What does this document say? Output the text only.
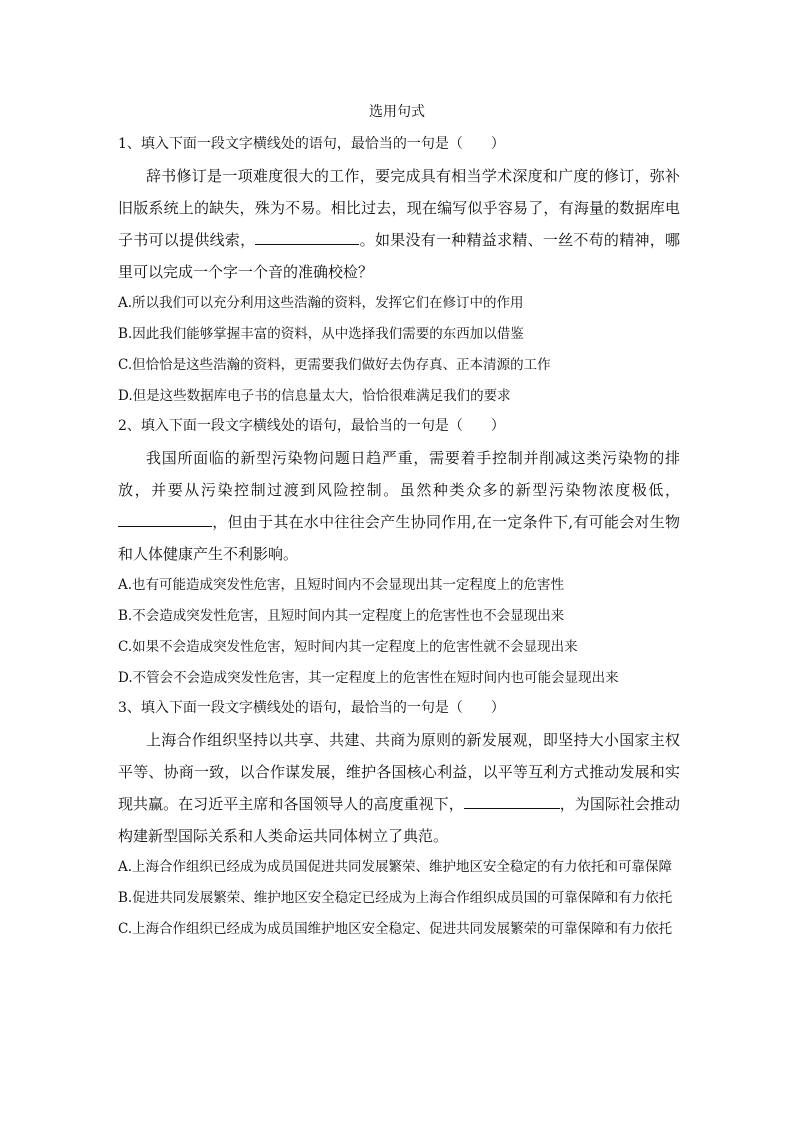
选用句式

1、填入下面一段文字横线处的语句，最恰当的一句是（　　）

辞书修订是一项难度很大的工作，要完成具有相当学术深度和广度的修订，弥补旧版系统上的缺失，殊为不易。相比过去，现在编写似乎容易了，有海量的数据库电子书可以提供线索，	。如果没有一种精益求精、一丝不苟的精神，哪里可以完成一个字一个音的准确校检？

A.所以我们可以充分利用这些浩瀚的资料，发挥它们在修订中的作用

B.因此我们能够掌握丰富的资料，从中选择我们需要的东西加以借鉴

C.但恰恰是这些浩瀚的资料，更需要我们做好去伪存真、正本清源的工作

D.但是这些数据库电子书的信息量太大，恰恰很难满足我们的要求

2、填入下面一段文字横线处的语句，最恰当的一句是（　　）

我国所面临的新型污染物问题日趋严重，需要着手控制并削减这类污染物的排放，并要从污染控制过渡到风险控制。虽然种类众多的新型污染物浓度极低，，但由于其在水中往往会产生协同作用,在一定条件下,有可能会对生物和人体健康产生不利影响。

A.也有可能造成突发性危害，且短时间内不会显现出其一定程度上的危害性

B.不会造成突发性危害，且短时间内其一定程度上的危害性也不会显现出来

C.如果不会造成突发性危害，短时间内其一定程度上的危害性就不会显现出来

D.不管会不会造成突发性危害，其一定程度上的危害性在短时间内也可能会显现出来

3、填入下面一段文字横线处的语句，最恰当的一句是（　　）

上海合作组织坚持以共享、共建、共商为原则的新发展观，即坚持大小国家主权平等、协商一致，以合作谋发展，维护各国核心利益，以平等互利方式推动发展和实现共赢。在习近平主席和各国领导人的高度重视下，	，为国际社会推动构建新型国际关系和人类命运共同体树立了典范。

A.上海合作组织已经成为成员国促进共同发展繁荣、维护地区安全稳定的有力依托和可靠保障

B.促进共同发展繁荣、维护地区安全稳定已经成为上海合作组织成员国的可靠保障和有力依托

C.上海合作组织已经成为成员国维护地区安全稳定、促进共同发展繁荣的可靠保障和有力依托
